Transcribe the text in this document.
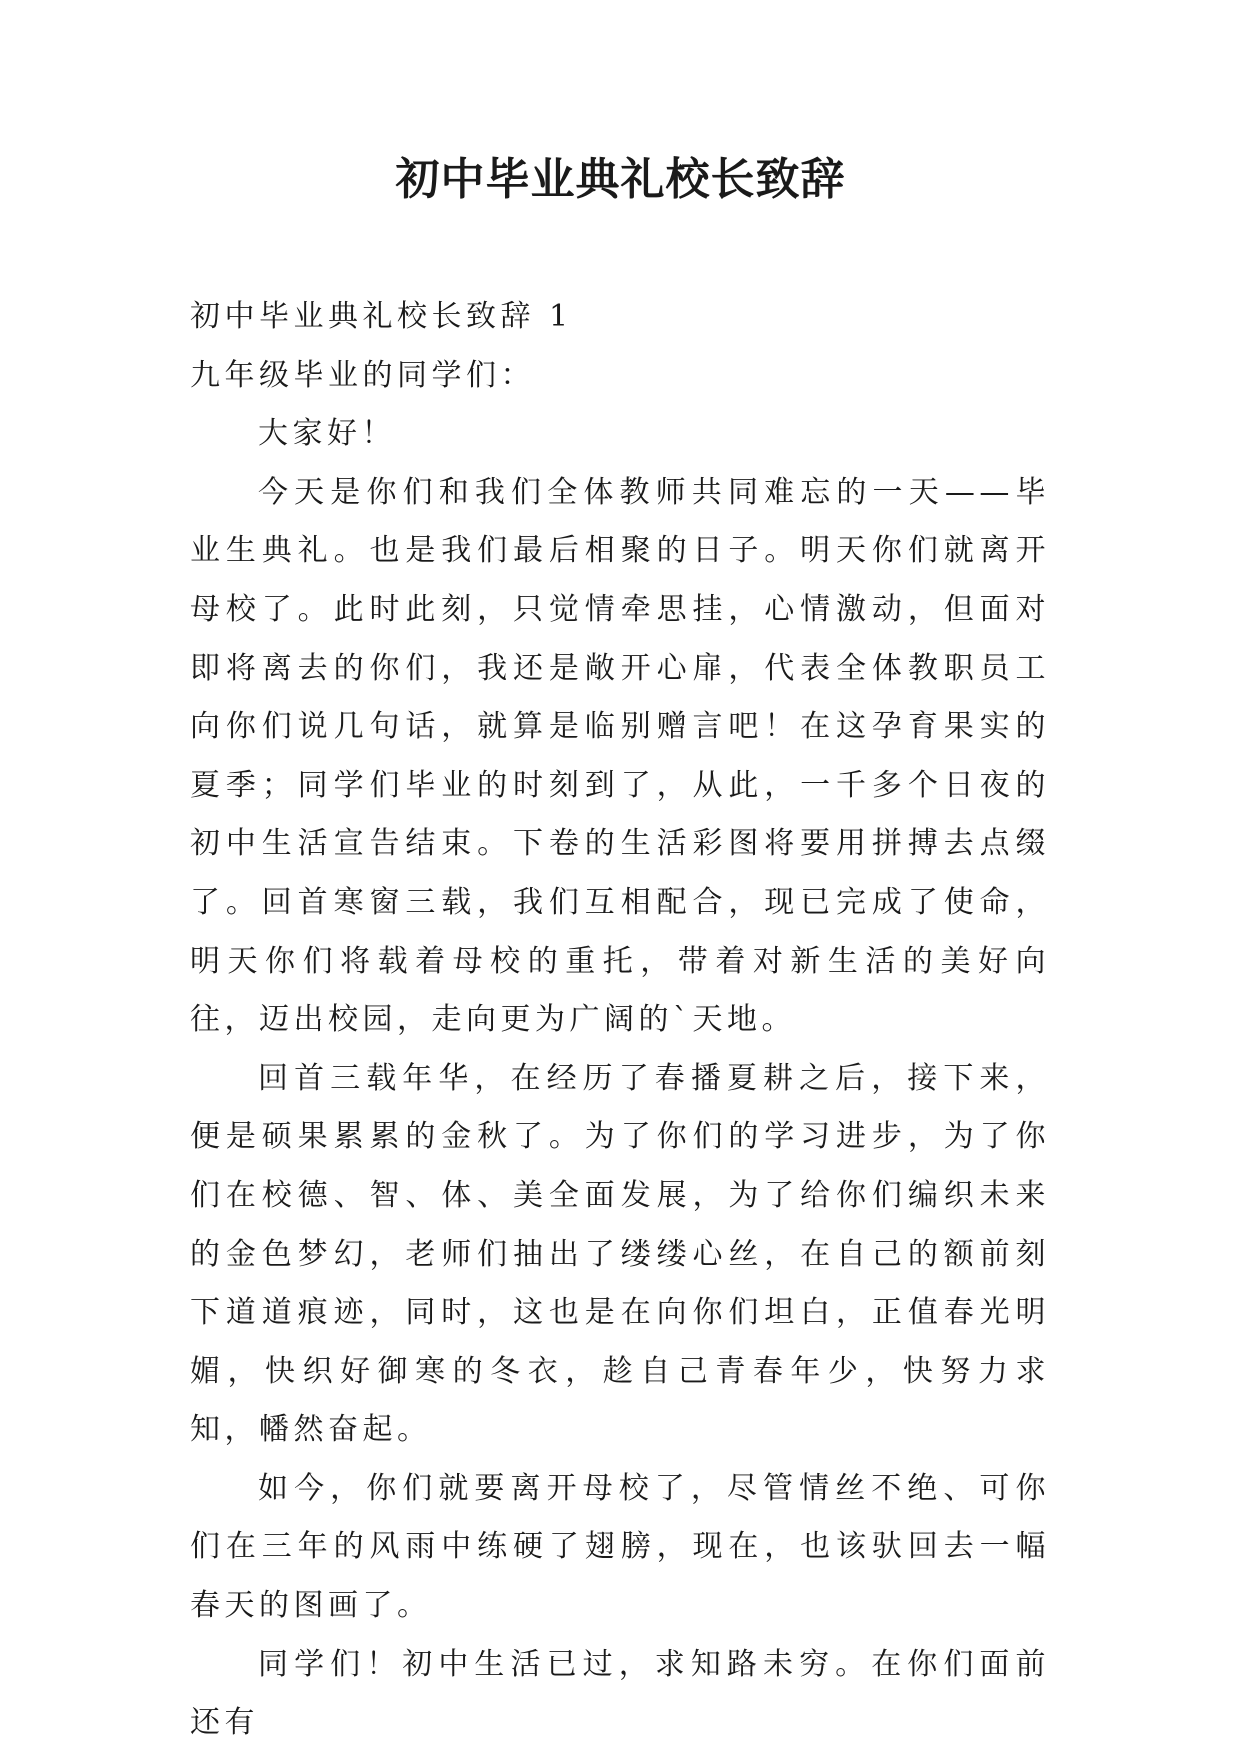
初中毕业典礼校长致辞

初中毕业典礼校长致辞 1

九年级毕业的同学们：

大家好！

今天是你们和我们全体教师共同难忘的一天——毕业生典礼。也是我们最后相聚的日子。明天你们就离开母校了。此时此刻，只觉情牵思挂，心情激动，但面对即将离去的你们，我还是敞开心扉，代表全体教职员工向你们说几句话，就算是临别赠言吧！在这孕育果实的夏季；同学们毕业的时刻到了，从此，一千多个日夜的初中生活宣告结束。下卷的生活彩图将要用拼搏去点缀了。回首寒窗三载，我们互相配合，现已完成了使命，明天你们将载着母校的重托，带着对新生活的美好向往，迈出校园，走向更为广阔的`天地。

回首三载年华，在经历了春播夏耕之后，接下来，便是硕果累累的金秋了。为了你们的学习进步，为了你们在校德、智、体、美全面发展，为了给你们编织未来的金色梦幻，老师们抽出了缕缕心丝，在自己的额前刻下道道痕迹，同时，这也是在向你们坦白，正值春光明媚，快织好御寒的冬衣，趁自己青春年少，快努力求知，幡然奋起。

如今，你们就要离开母校了，尽管情丝不绝、可你们在三年的风雨中练硬了翅膀，现在，也该驮回去一幅春天的图画了。

同学们！初中生活已过，求知路未穷。在你们面前还有
